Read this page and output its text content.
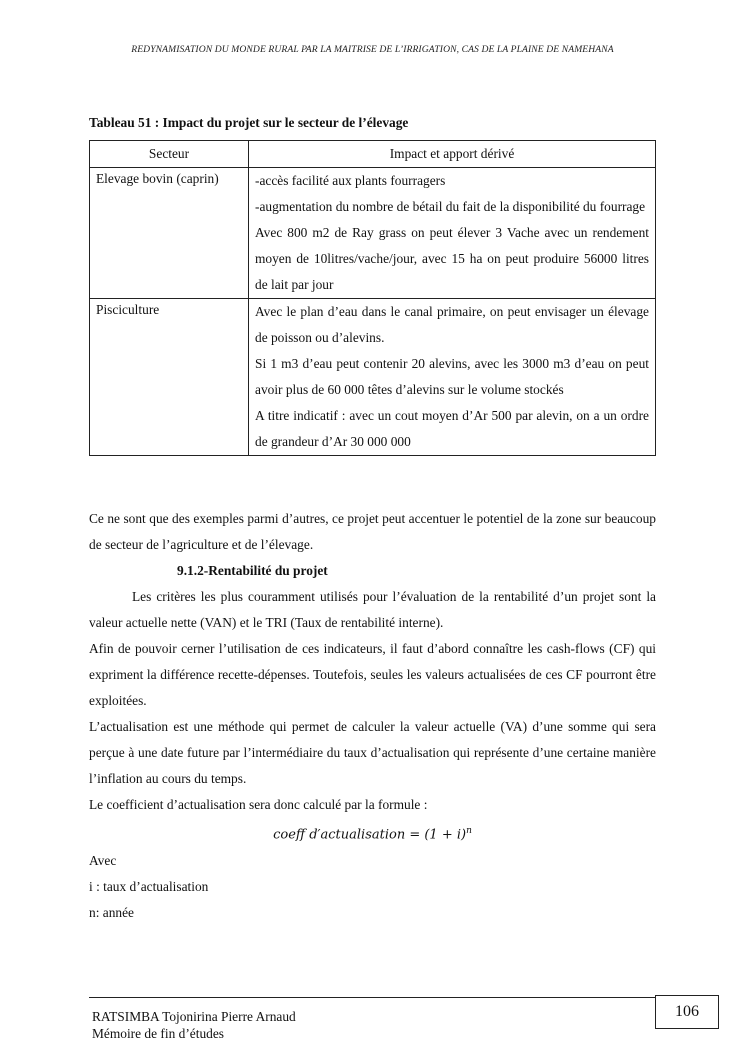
REDYNAMISATION DU MONDE RURAL PAR LA MAITRISE DE L’IRRIGATION, CAS DE LA PLAINE DE NAMEHANA
Tableau 51 : Impact du projet sur le secteur de l’élevage
Secteur	Impact et apport dérivé
Elevage bovin (caprin)	-accès facilité aux plants fourragers
-augmentation du nombre de bétail du fait de la disponibilité du fourrage
Avec 800 m2 de Ray grass on peut élever 3 Vache avec un rendement moyen de 10litres/vache/jour, avec 15 ha on peut produire 56000 litres de lait par jour

Pisciculture	Avec le plan d’eau dans le canal primaire, on peut envisager un élevage de poisson ou d’alevins.
Si 1 m3 d’eau peut contenir 20 alevins, avec les 3000 m3 d’eau on peut avoir plus de 60 000 têtes d’alevins sur le volume stockés
A titre indicatif : avec un cout moyen d’Ar 500 par alevin, on a un ordre de grandeur d’Ar 30 000 000

Ce ne sont que des exemples parmi d’autres, ce projet peut accentuer le potentiel de la zone sur beaucoup de secteur de l’agriculture et de l’élevage.

9.1.2-Rentabilité du projet

Les critères les plus couramment utilisés pour l’évaluation de la rentabilité d’un projet sont la valeur actuelle nette (VAN) et le TRI (Taux de rentabilité interne).

Afin de pouvoir cerner l’utilisation de ces indicateurs, il faut d’abord connaître les cash-flows (CF) qui expriment la différence recette-dépenses. Toutefois, seules les valeurs actualisées de ces CF pourront être exploitées.

L’actualisation est une méthode qui permet de calculer la valeur actuelle (VA) d’une somme qui sera perçue à une date future par l’intermédiaire du taux d’actualisation qui représente d’une certaine manière l’inflation au cours du temps.

Le coefficient d’actualisation sera donc calculé par la formule :

coeff d′actualisation = $(1 + i)^n$

Avec

i : taux d’actualisation

n: année

RATSIMBA Tojonirina Pierre Arnaud
Mémoire de fin d’études
106
